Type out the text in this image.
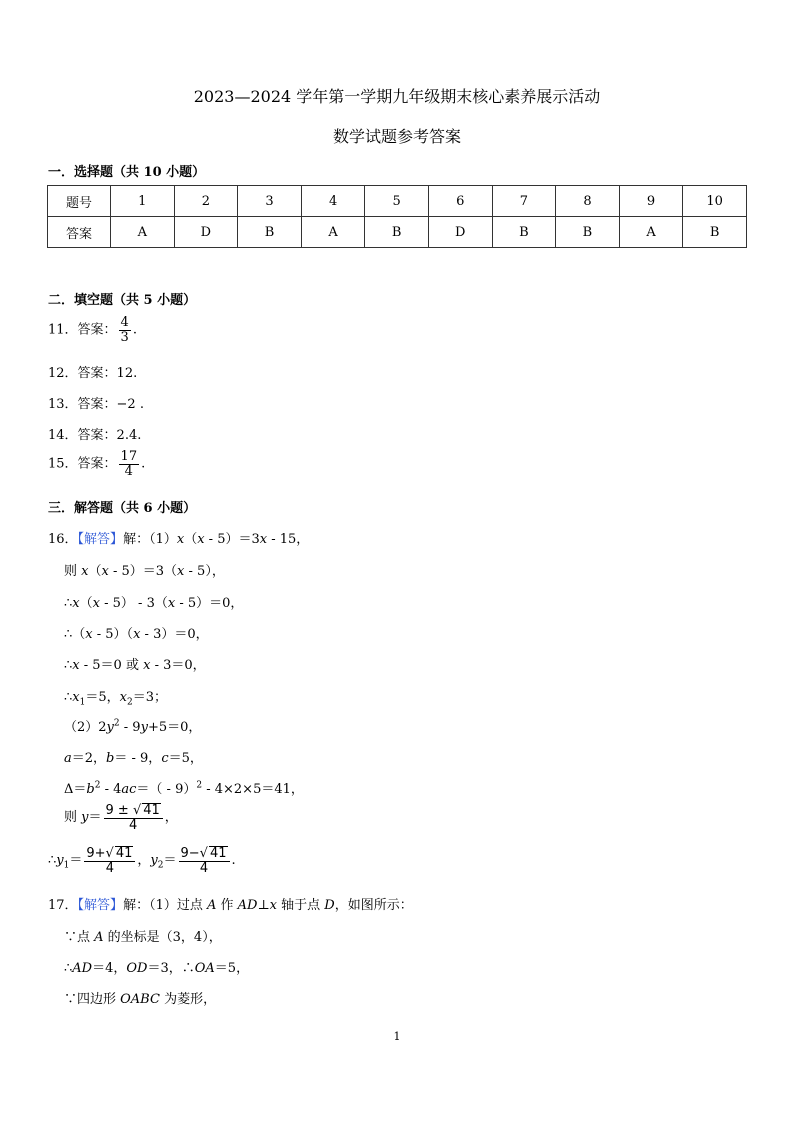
2023—2024 学年第一学期九年级期末核心素养展示活动
数学试题参考答案
一．选择题（共 10 小题）
题号	1	2	3	4	5	6	7	8	9	10
答案	A	D	B	A	B	D	B	B	A	B
二．填空题（共 5 小题）
11．答案： $\frac{4}{3}$ .
12．答案：12.
13．答案：−2 .
14．答案：2.4.
15．答案： $\frac{17}{4}$ .
三．解答题（共 6 小题）
16．【解答】解：（1）x（x - 5）＝3x - 15，
则 x（x - 5）＝3（x - 5），
∴x（x - 5） - 3（x - 5）＝0，
∴（x - 5）（x - 3）＝0，
∴x - 5＝0 或 x - 3＝0，
$\therefore x_1=5$，$x_2=3$；
$(2)2y^2 - 9y+5=0$，
a＝2，b＝ - 9，c＝5，
$\Delta=b^2 - 4ac=( - 9)^2 - 4\times 2\times 5=41$，
则 $y= \frac{9 \pm √ 41}{4}$ ，
$\therefore y_1= \frac{9+√ 41}{4}$ ，$y_2= \frac{9-√ 41}{4}$ .
17．【解答】解：（1）过点 A 作 AD⊥x 轴于点 D，如图所示：
∵点 A 的坐标是（3，4），
∴AD＝4，OD＝3，∴OA＝5，
∵四边形 OABC 为菱形，
1
